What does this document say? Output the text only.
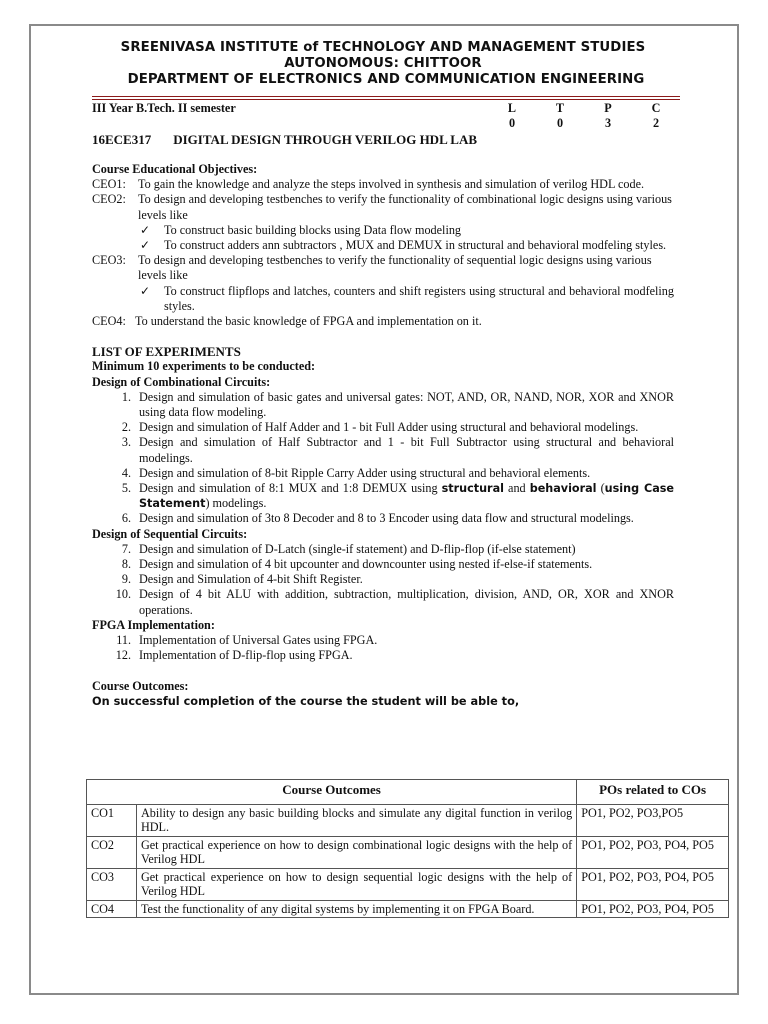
SREENIVASA INSTITUTE of TECHNOLOGY AND MANAGEMENT STUDIES
AUTONOMOUS: CHITTOOR
DEPARTMENT OF ELECTRONICS AND COMMUNICATION ENGINEERING
III Year B.Tech. II semester	L	T	P	C
0	0	3	2
16ECE317 DIGITAL DESIGN THROUGH VERILOG HDL LAB
Course Educational Objectives:
CEO1: To gain the knowledge and analyze the steps involved in synthesis and simulation of verilog HDL code.
CEO2: To design and developing testbenches to verify the functionality of combinational logic designs using various levels like
✓	To construct basic building blocks using Data flow modeling
✓	To construct adders ann subtractors , MUX and DEMUX in structural and behavioral modfeling styles.
CEO3: To design and developing testbenches to verify the functionality of sequential logic designs using various levels like
✓	To construct flipflops and latches, counters and shift registers using structural and behavioral modfeling styles.
CEO4: To understand the basic knowledge of FPGA and implementation on it.
LIST OF EXPERIMENTS
Minimum 10 experiments to be conducted:
Design of Combinational Circuits:
1. Design and simulation of basic gates and universal gates: NOT, AND, OR, NAND, NOR, XOR and XNOR using data flow modeling.
2. Design and simulation of Half Adder and 1 - bit Full Adder using structural and behavioral modelings.
3. Design and simulation of Half Subtractor and 1 - bit Full Subtractor using structural and behavioral modelings.
4. Design and simulation of 8-bit Ripple Carry Adder using structural and behavioral elements.
5. Design and simulation of 8:1 MUX and 1:8 DEMUX using structural and behavioral (using Case Statement) modelings.
6. Design and simulation of 3to 8 Decoder and 8 to 3 Encoder using data flow and structural modelings.
Design of Sequential Circuits:
7. Design and simulation of D-Latch (single-if statement) and D-flip-flop (if-else statement)
8. Design and simulation of 4 bit upcounter and downcounter using nested if-else-if statements.
9. Design and Simulation of 4-bit Shift Register.
10. Design of 4 bit ALU with addition, subtraction, multiplication, division, AND, OR, XOR and XNOR operations.
FPGA Implementation:
11. Implementation of Universal Gates using FPGA.
12. Implementation of D-flip-flop using FPGA.
Course Outcomes:
On successful completion of the course the student will be able to,
Course Outcomes		POs related to COs
CO1	Ability to design any basic building blocks and simulate any digital function in verilog HDL.	PO1, PO2, PO3,PO5
CO2	Get practical experience on how to design combinational logic designs with the help of Verilog HDL	PO1, PO2, PO3, PO4, PO5
CO3	Get practical experience on how to design sequential logic designs with the help of Verilog HDL	PO1, PO2, PO3, PO4, PO5
CO4	Test the functionality of any digital systems by implementing it on FPGA Board.	PO1, PO2, PO3, PO4, PO5
